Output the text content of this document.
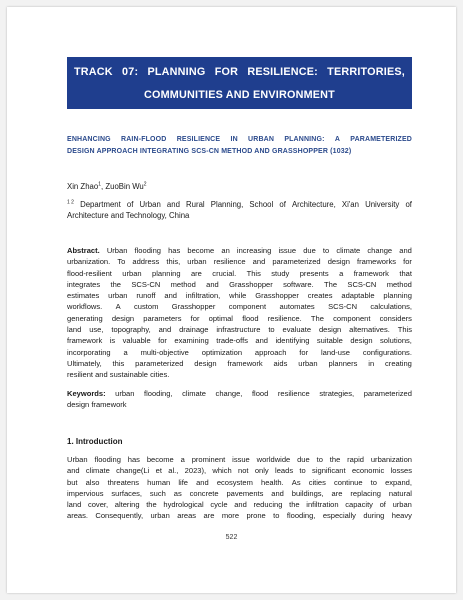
TRACK 07: PLANNING FOR RESILIENCE: TERRITORIES,
COMMUNITIES AND ENVIRONMENT
ENHANCING RAIN-FLOOD RESILIENCE IN URBAN PLANNING: A PARAMETERIZED
DESIGN APPROACH INTEGRATING SCS-CN METHOD AND GRASSHOPPER (1032)
Xin Zhao$^1$, ZuoBin Wu$^2$
$^{1 2}$ Department of Urban and Rural Planning, School of Architecture, Xi'an University of
Architecture and Technology, China
Abstract. Urban flooding has become an increasing issue due to climate change and
urbanization. To address this, urban resilience and parameterized design frameworks for
flood-resilient urban planning are crucial. This study presents a framework that
integrates the SCS-CN method and Grasshopper software. The SCS-CN method
estimates urban runoff and infiltration, while Grasshopper creates adaptable planning
workflows. A custom Grasshopper component automates SCS-CN calculations,
generating design parameters for optimal flood resilience. The component considers
land use, topography, and drainage infrastructure to evaluate design alternatives. This
framework is valuable for examining trade-offs and identifying suitable design solutions,
incorporating a multi-objective optimization approach for land-use configurations.
Ultimately, this parameterized design framework aids urban planners in creating
resilient and sustainable cities.
Keywords: urban flooding, climate change, flood resilience strategies, parameterized
design framework
1. Introduction
Urban flooding has become a prominent issue worldwide due to the rapid urbanization
and climate change(Li et al., 2023), which not only leads to significant economic losses
but also threatens human life and ecosystem health. As cities continue to expand,
impervious surfaces, such as concrete pavements and buildings, are replacing natural
land cover, altering the hydrological cycle and reducing the infiltration capacity of urban
areas. Consequently, urban areas are more prone to flooding, especially during heavy
522
